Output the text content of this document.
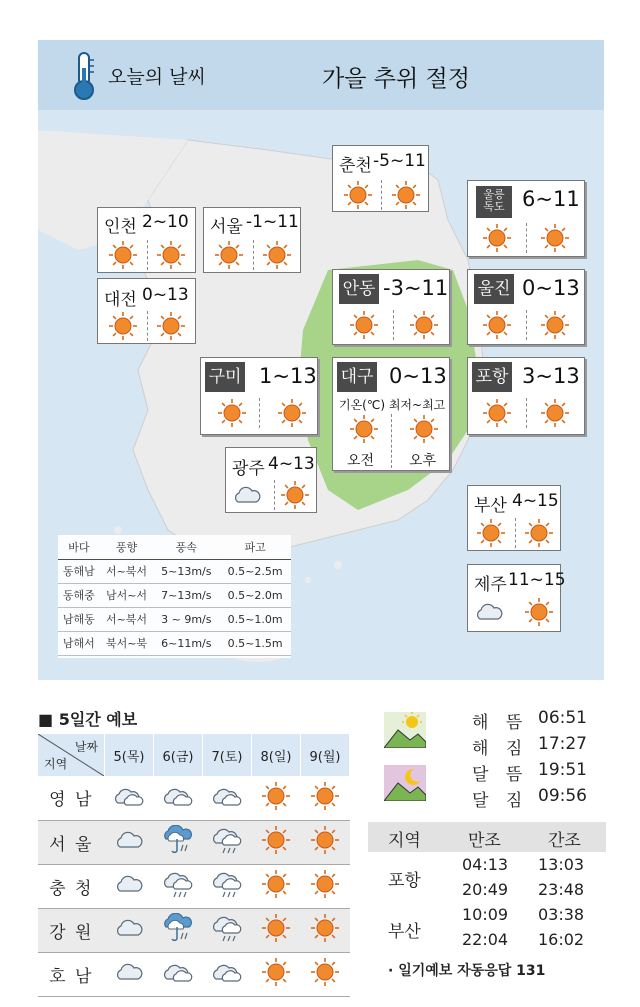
오늘의 날씨	가을 추위 절정
춘천 -5~11
인천 2~10 서울 -1~11
울릉
독도 6~11
대전 0~13	안동 -3~11 울진 0~13
구미 1~13 대구 0~13
기온(℃) 최저~최고
오전 오후
포항 3~13
광주 4~13
부산 4~15
제주 11~15
바다	풍향	풍속	파고
동해남	서~북서	5~13m/s	0.5~2.5m
동해중	남서~서	7~13m/s	0.5~2.0m
남해동	서~북서	3 ~ 9m/s	0.5~1.0m
남해서	북서~북	6~11m/s	0.5~1.5m
■ 5일간 예보
날짜
지역	5(목)	6(금)	7(토)	8(일)	9(월)
영 남					
서 울					
충 청					
강 원					
호 남					
해 뜸 06:51
해 짐 17:27
달 뜸 19:51
달 짐 09:56
지역	만조	간조
포항
04:13 13:03
20:49 23:48
부산
10:09 03:38
22:04 16:02
· 일기예보 자동응답 131
